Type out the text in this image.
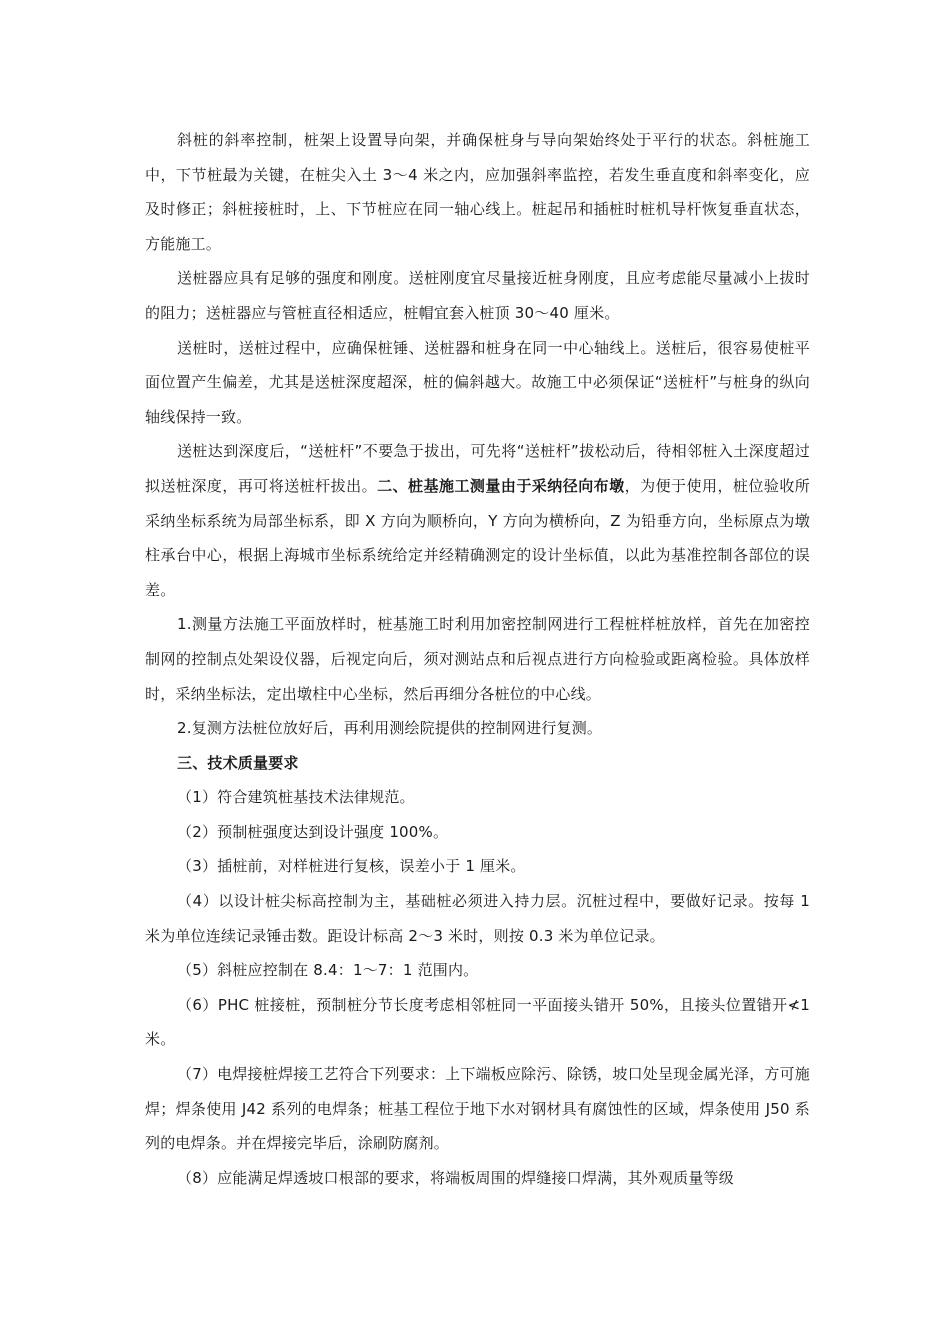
斜桩的斜率控制，桩架上设置导向架，并确保桩身与导向架始终处于平行的状态。斜桩施工中，下节桩最为关键，在桩尖入土 3～4 米之内，应加强斜率监控，若发生垂直度和斜率变化，应及时修正；斜桩接桩时，上、下节桩应在同一轴心线上。桩起吊和插桩时桩机导杆恢复垂直状态，方能施工。

送桩器应具有足够的强度和刚度。送桩刚度宜尽量接近桩身刚度，且应考虑能尽量减小上拔时的阻力；送桩器应与管桩直径相适应，桩帽宜套入桩顶 30～40 厘米。

送桩时，送桩过程中，应确保桩锤、送桩器和桩身在同一中心轴线上。送桩后，很容易使桩平面位置产生偏差，尤其是送桩深度超深，桩的偏斜越大。故施工中必须保证“送桩杆”与桩身的纵向轴线保持一致。

送桩达到深度后，“送桩杆”不要急于拔出，可先将“送桩杆”拔松动后，待相邻桩入土深度超过拟送桩深度，再可将送桩杆拔出。二、桩基施工测量由于采纳径向布墩，为便于使用，桩位验收所采纳坐标系统为局部坐标系，即 X 方向为顺桥向，Y 方向为横桥向，Z 为铅垂方向，坐标原点为墩柱承台中心，根据上海城市坐标系统给定并经精确测定的设计坐标值，以此为基准控制各部位的误差。

1.测量方法施工平面放样时，桩基施工时利用加密控制网进行工程桩样桩放样，首先在加密控制网的控制点处架设仪器，后视定向后，须对测站点和后视点进行方向检验或距离检验。具体放样时，采纳坐标法，定出墩柱中心坐标，然后再细分各桩位的中心线。

2.复测方法桩位放好后，再利用测绘院提供的控制网进行复测。

三、技术质量要求

（1）符合建筑桩基技术法律规范。

（2）预制桩强度达到设计强度 100%。

（3）插桩前，对样桩进行复核，误差小于 1 厘米。

（4）以设计桩尖标高控制为主，基础桩必须进入持力层。沉桩过程中，要做好记录。按每 1 米为单位连续记录锤击数。距设计标高 2～3 米时，则按 0.3 米为单位记录。

（5）斜桩应控制在 8.4：1～7：1 范围内。

（6）PHC 桩接桩，预制桩分节长度考虑相邻桩同一平面接头错开 50%，且接头位置错开≮1 米。

（7）电焊接桩焊接工艺符合下列要求：上下端板应除污、除锈，坡口处呈现金属光泽，方可施焊；焊条使用 J42 系列的电焊条；桩基工程位于地下水对钢材具有腐蚀性的区域，焊条使用 J50 系列的电焊条。并在焊接完毕后，涂刷防腐剂。

（8）应能满足焊透坡口根部的要求，将端板周围的焊缝接口焊满，其外观质量等级
